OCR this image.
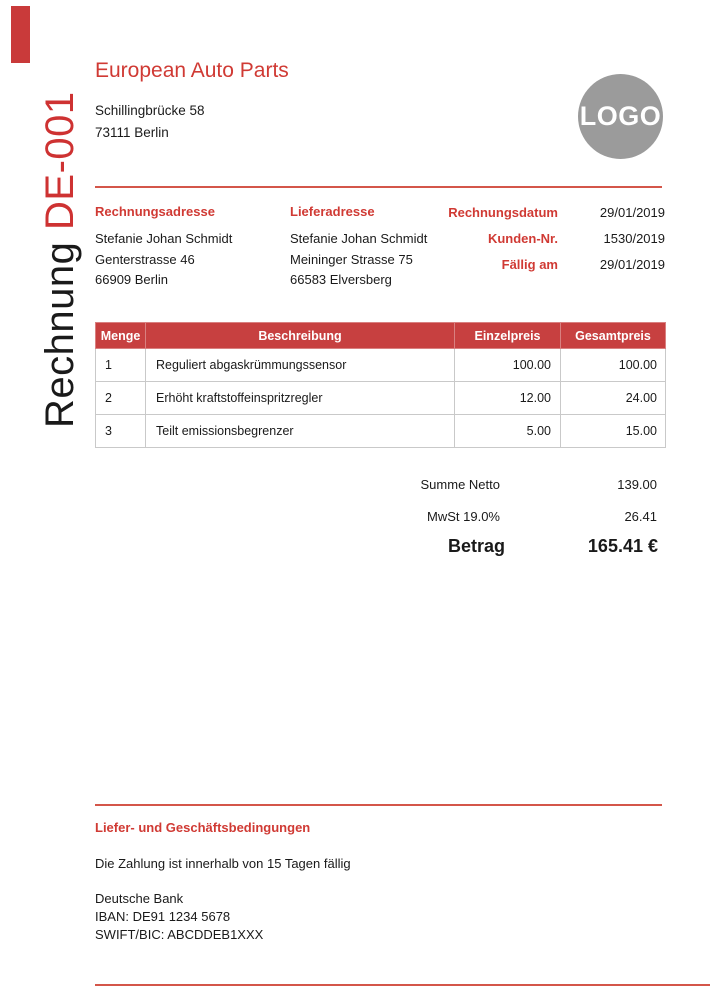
Rechnung DE-001
European Auto Parts
Schillingbrücke 58
73111 Berlin
LOGO
Rechnungsadresse
Stefanie Johan Schmidt
Genterstrasse 46
66909 Berlin
Lieferadresse
Stefanie Johan Schmidt
Meininger Strasse 75
66583 Elversberg
Rechnungsdatum	29/01/2019
Kunden-Nr.	1530/2019
Fällig am	29/01/2019
Menge	Beschreibung	Einzelpreis	Gesamtpreis
1	Reguliert abgaskrümmungssensor	100.00	100.00
2	Erhöht kraftstoffeinspritzregler	12.00	24.00
3	Teilt emissionsbegrenzer	5.00	15.00
Summe Netto	139.00
MwSt 19.0%	26.41
Betrag	165.41 €
Liefer- und Geschäftsbedingungen
Die Zahlung ist innerhalb von 15 Tagen fällig
Deutsche Bank
IBAN: DE91 1234 5678
SWIFT/BIC: ABCDDEB1XXX
